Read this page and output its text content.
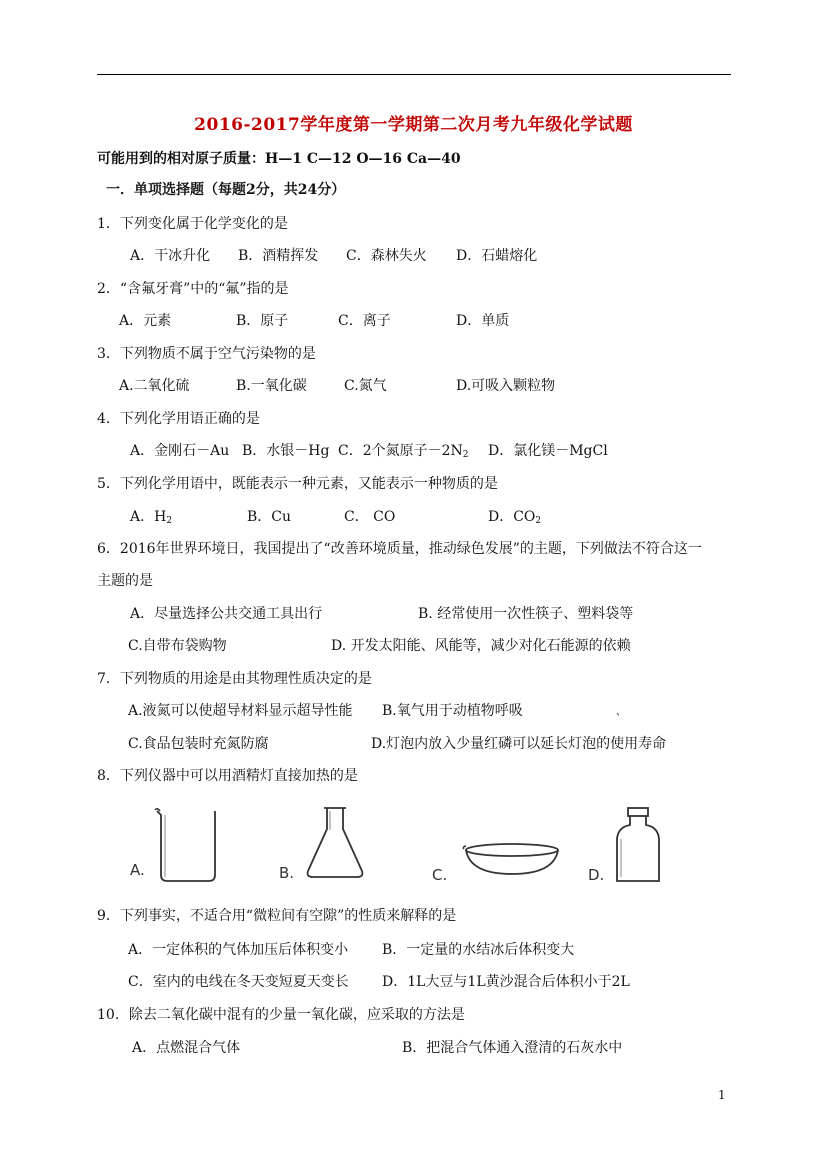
2016-2017学年度第一学期第二次月考九年级化学试题
可能用到的相对原子质量：H—1 C—12 O—16 Ca—40
一．单项选择题（每题2分，共24分）
1．下列变化属于化学变化的是
A．干冰升化 B．酒精挥发 C．森林失火 D．石蜡熔化
2．“含氟牙膏”中的“氟”指的是
A．元素	B．原子	C．离子	D．单质
3．下列物质不属于空气污染物的是
A.二氧化硫	B.一氧化碳	C.氮气	D.可吸入颗粒物
4．下列化学用语正确的是
A．金刚石－Au B．水银－Hg C．2个氮原子$-2N_2$ D．氯化镁－MgCl
5．下列化学用语中，既能表示一种元素，又能表示一种物质的是
A．$H_2$	B．Cu	C． CO	D．$CO_2$
6．2016年世界环境日，我国提出了“改善环境质量，推动绿色发展”的主题，下列做法不符合这一
主题的是
A．尽量选择公共交通工具出行	B. 经常使用一次性筷子、塑料袋等
C.自带布袋购物	D. 开发太阳能、风能等，减少对化石能源的依赖
7．下列物质的用途是由其物理性质决定的是
A.液氮可以使超导材料显示超导性能 B.氧气用于动植物呼吸	、
C.食品包装时充氮防腐	D.灯泡内放入少量红磷可以延长灯泡的使用寿命
8．下列仪器中可以用酒精灯直接加热的是
A.	B.	C.	D.
9．下列事实，不适合用“微粒间有空隙”的性质来解释的是
A．一定体积的气体加压后体积变小 B．一定量的水结冰后体积变大
C．室内的电线在冬天变短夏天变长 D．1L大豆与1L黄沙混合后体积小于2L
10．除去二氧化碳中混有的少量一氧化碳，应采取的方法是
A．点燃混合气体	B．把混合气体通入澄清的石灰水中
1
